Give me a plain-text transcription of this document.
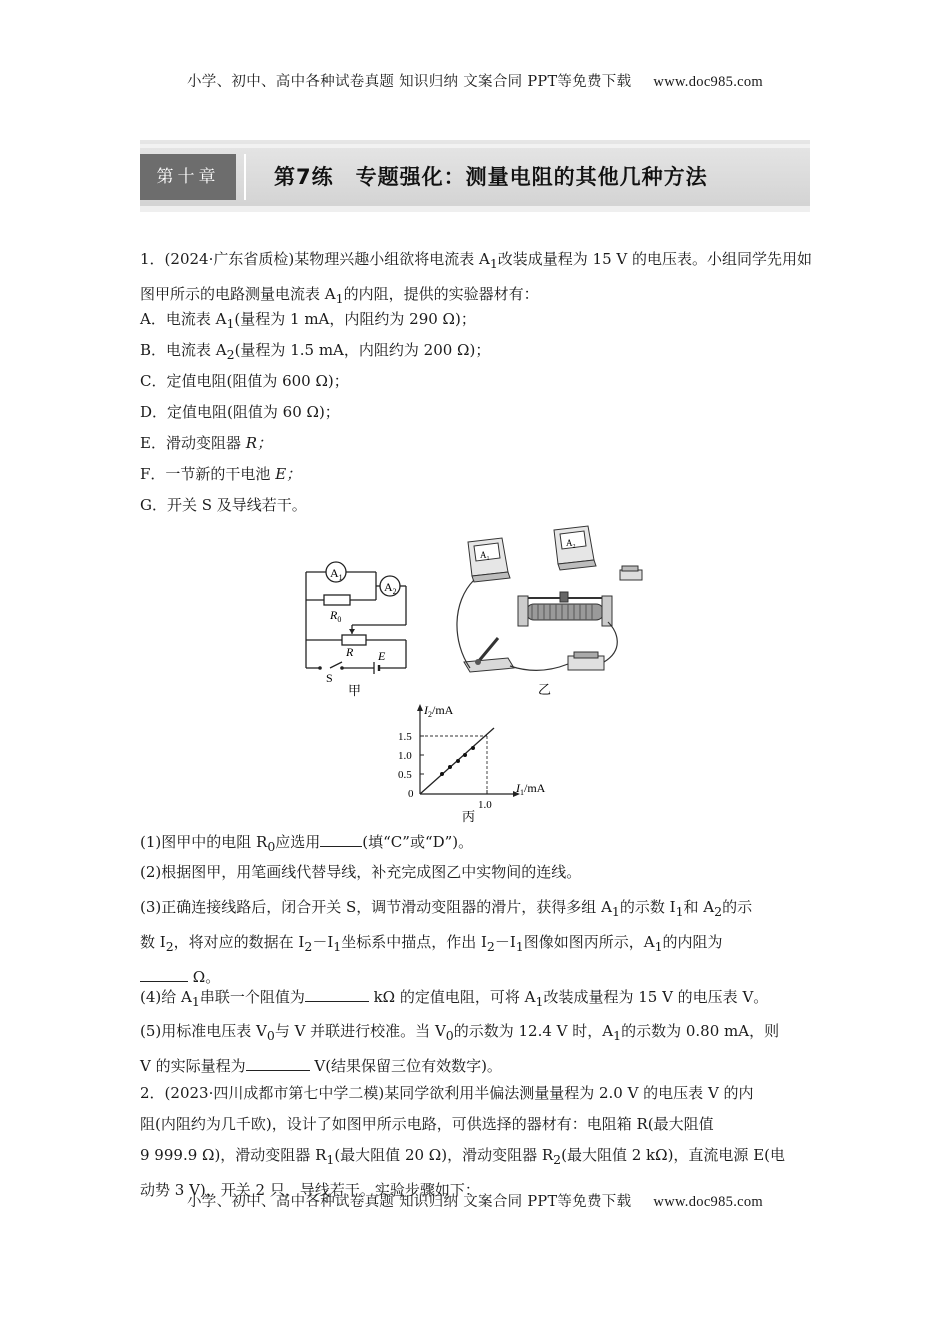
小学、初中、高中各种试卷真题 知识归纳 文案合同 PPT等免费下载 www.doc985.com
第十章	第7练　专题强化：测量电阻的其他几种方法
1．(2024·广东省质检)某物理兴趣小组欲将电流表 $A_1$改装成量程为 15 V 的电压表。小组同学先用如图甲所示的电路测量电流表 $A_1$的内阻，提供的实验器材有：
A．电流表 $A_1$(量程为 1 mA，内阻约为 290 Ω)；
B．电流表 $A_2$(量程为 1.5 mA，内阻约为 200 Ω)；
C．定值电阻(阻值为 600 Ω)；
D．定值电阻(阻值为 60 Ω)；
E．滑动变阻器 R；
F．一节新的干电池 E；
G．开关 S 及导线若干。
$A_1$
$A_2$
$R_0$
R E
S
甲
$A_1$
$A_2$
乙
$I_2/mA$
1.5
1.0
0.5
0
1.0
$I_1/mA$
丙
(1)图甲中的电阻 $R_0$应选用	(填“C”或“D”)。
(2)根据图甲，用笔画线代替导线，补充完成图乙中实物间的连线。
(3)正确连接线路后，闭合开关 S，调节滑动变阻器的滑片，获得多组 $A_1$的示数 $I_1$和 $A_2$的示
数 $I_2$，将对应的数据在 $I_2-I_1$坐标系中描点，作出 $I_2-I_1$图像如图丙所示，$A_1$的内阻为
Ω。
(4)给 $A_1$串联一个阻值为	kΩ 的定值电阻，可将 $A_1$改装成量程为 15 V 的电压表 V。
(5)用标准电压表 $V_0$与 V 并联进行校准。当 $V_0$的示数为 12.4 V 时，$A_1$的示数为 0.80 mA，则
V 的实际量程为	V(结果保留三位有效数字)。
2．(2023·四川成都市第七中学二模)某同学欲利用半偏法测量量程为 2.0 V 的电压表 V 的内
阻(内阻约为几千欧)，设计了如图甲所示电路，可供选择的器材有：电阻箱 R(最大阻值
9 999.9 Ω)，滑动变阻器 $R_1$(最大阻值 20 Ω)，滑动变阻器 $R_2$(最大阻值 2 kΩ)，直流电源 E(电
动势 3 V)，开关 2 只，导线若干。实验步骤如下：
小学、初中、高中各种试卷真题 知识归纳 文案合同 PPT等免费下载 www.doc985.com
